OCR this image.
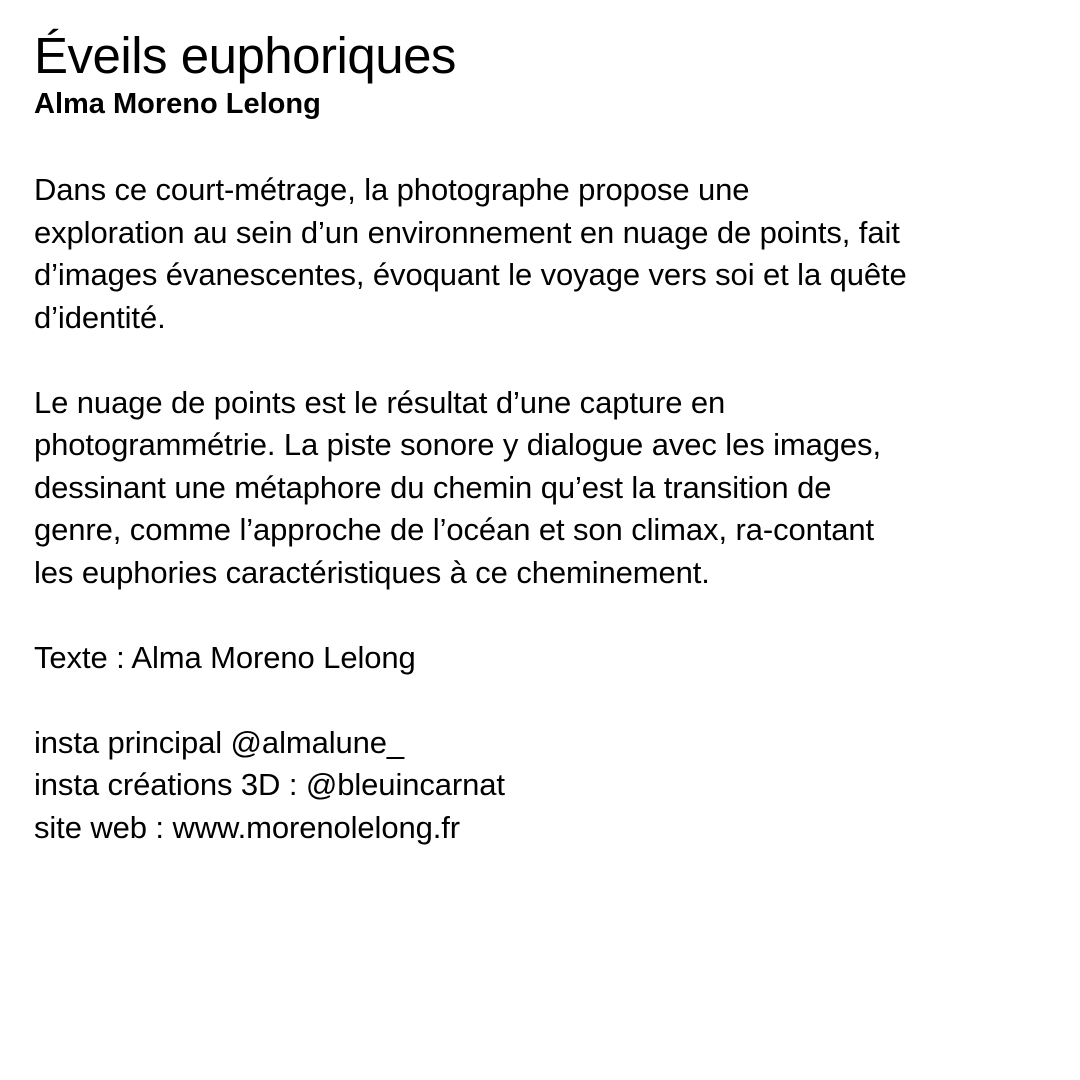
Éveils euphoriques
Alma Moreno Lelong
Dans ce court-métrage, la photographe propose une
exploration au sein d’un environnement en nuage de points, fait
d’images évanescentes, évoquant le voyage vers soi et la quête
d’identité.
Le nuage de points est le résultat d’une capture en
photogrammétrie. La piste sonore y dialogue avec les images,
dessinant une métaphore du chemin qu’est la transition de
genre, comme l’approche de l’océan et son climax, ra-contant
les euphories caractéristiques à ce cheminement.
Texte : Alma Moreno Lelong
insta principal @almalune_
insta créations 3D : @bleuincarnat
site web : www.morenolelong.fr
